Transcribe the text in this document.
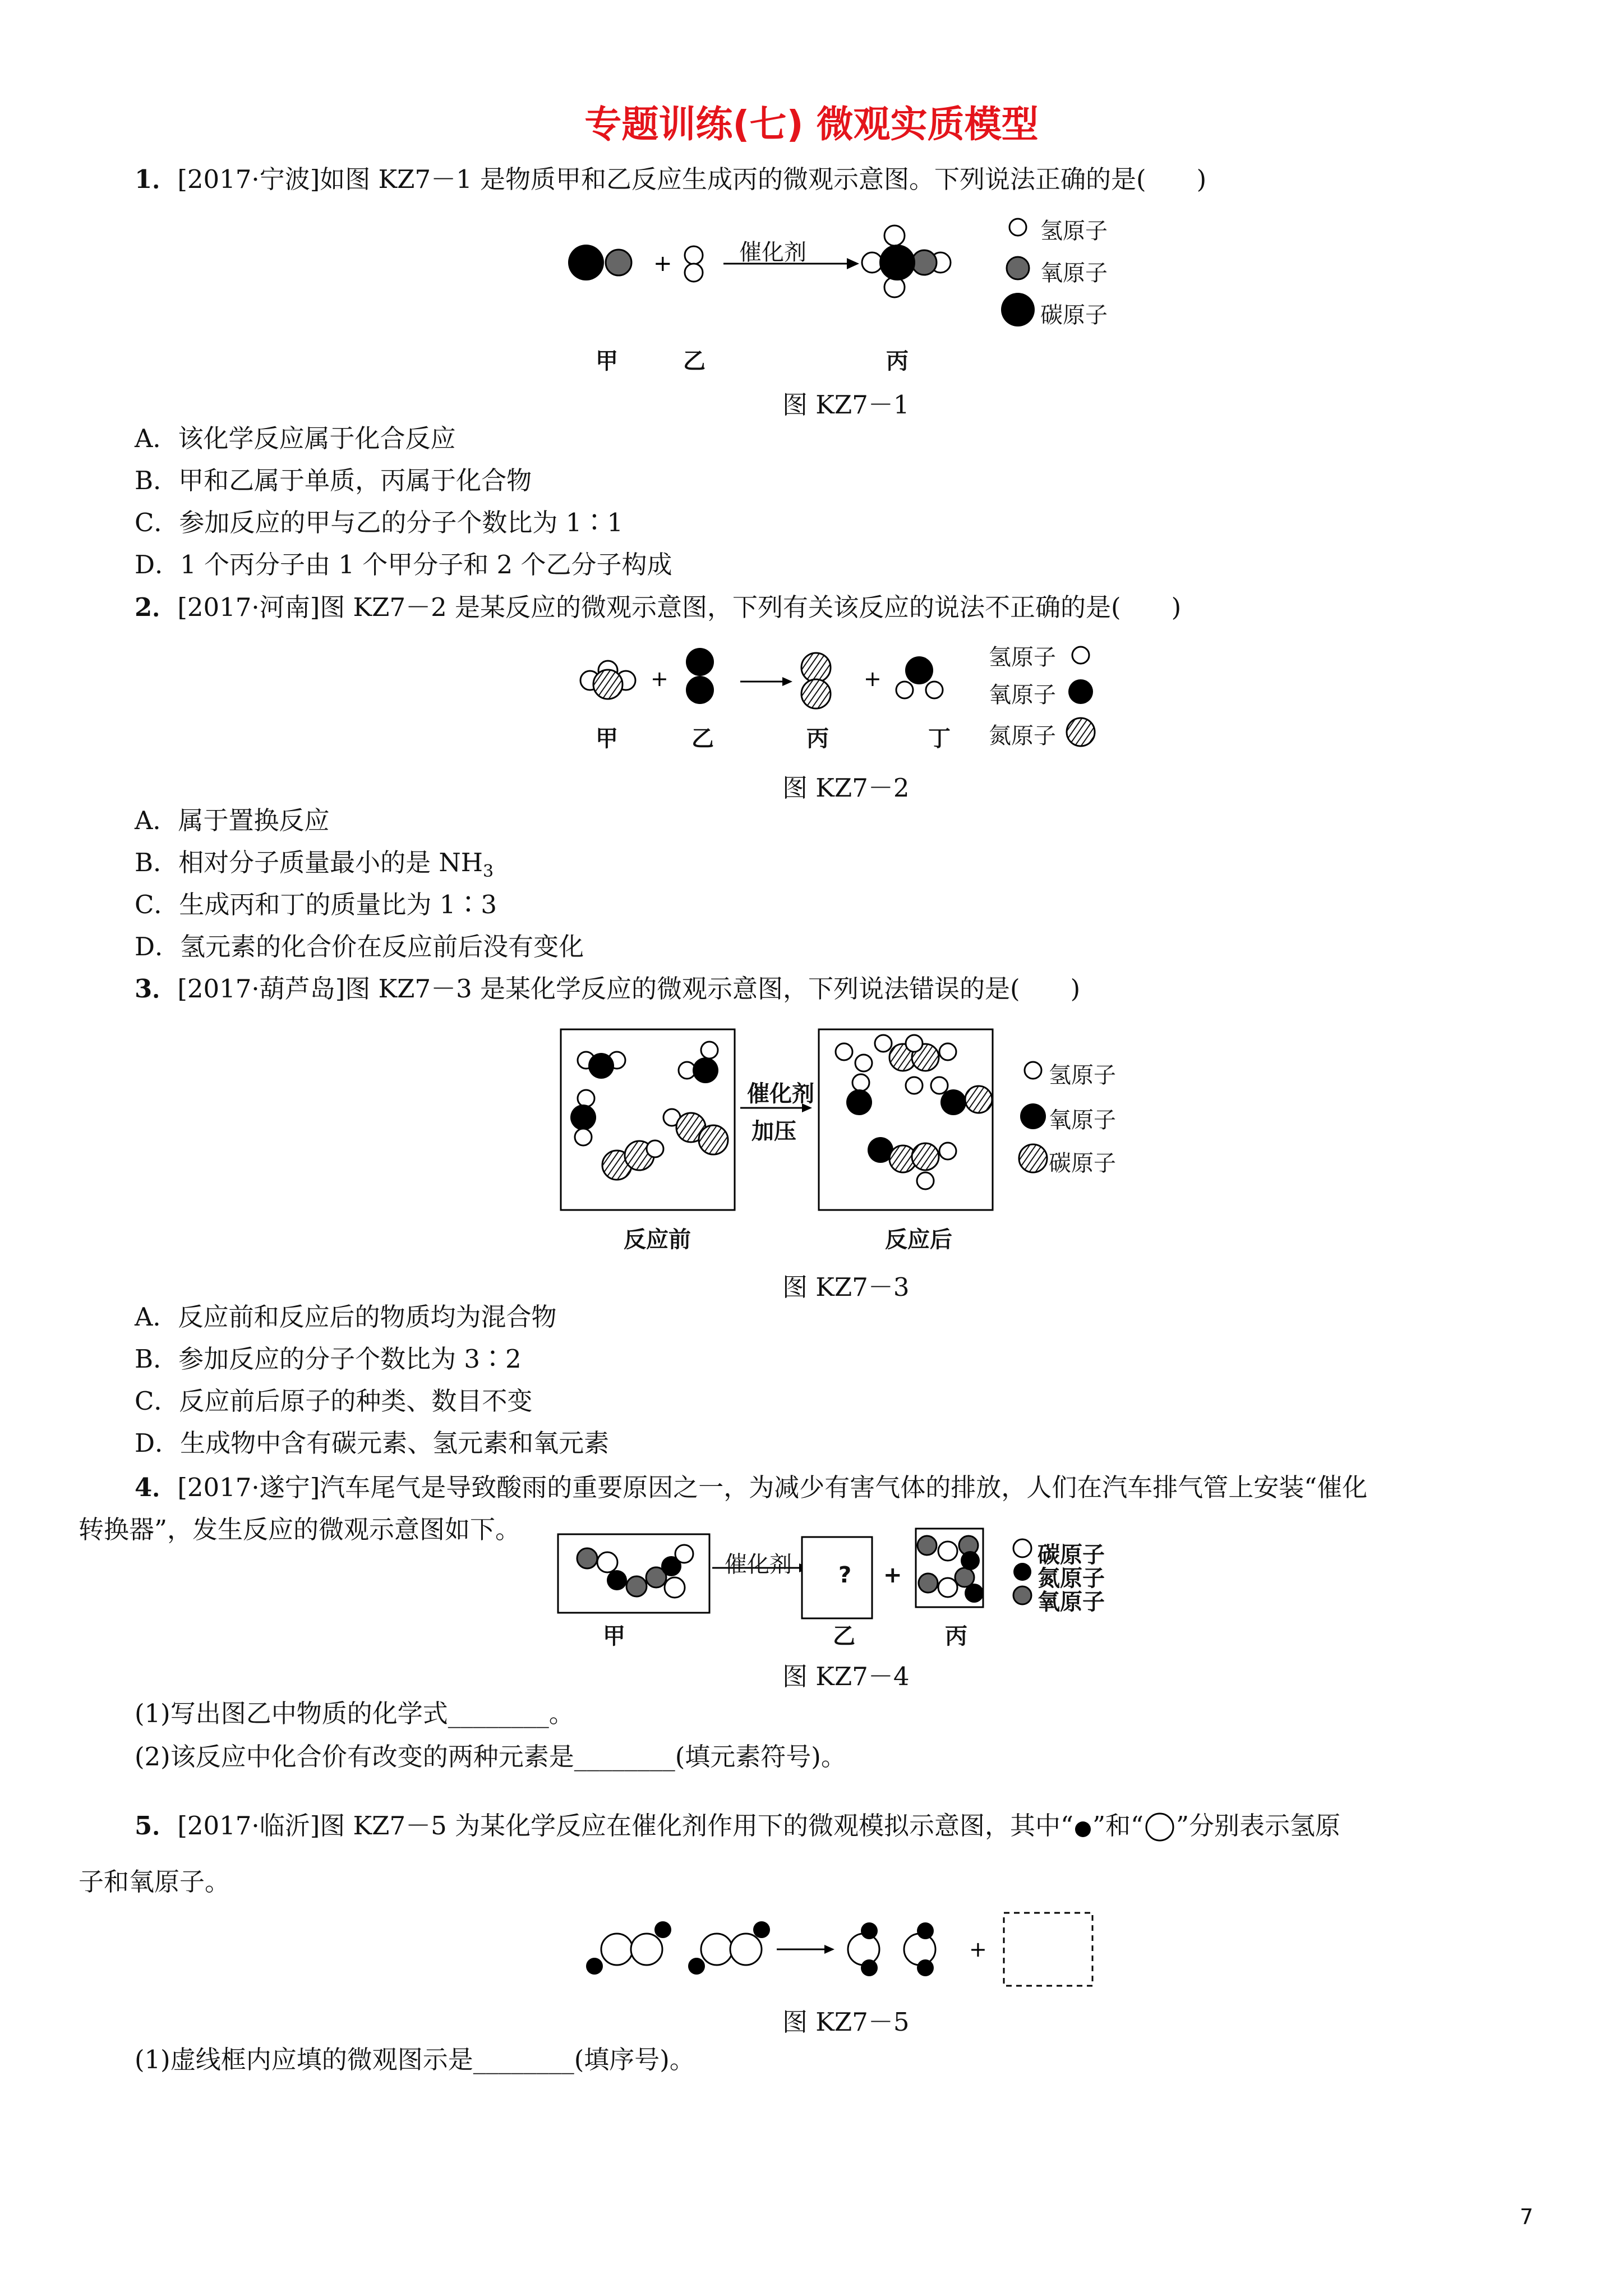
专题训练(七) 微观实质模型
1．[2017·宁波]如图 KZ7－1 是物质甲和乙反应生成丙的微观示意图。下列说法正确的是(　　)
+	催化剂
氢原子
氧原子
碳原子
甲	乙	丙
图 KZ7－1
A．该化学反应属于化合反应
B．甲和乙属于单质，丙属于化合物
C．参加反应的甲与乙的分子个数比为 1∶1
D．1 个丙分子由 1 个甲分子和 2 个乙分子构成
2．[2017·河南]图 KZ7－2 是某反应的微观示意图，下列有关该反应的说法不正确的是(　　)
+	+
氢原子
氧原子
氮原子
甲	乙	丙	丁
图 KZ7－2
A．属于置换反应
B．相对分子质量最小的是 $NH_3$
C．生成丙和丁的质量比为 1∶3
D．氢元素的化合价在反应前后没有变化
3．[2017·葫芦岛]图 KZ7－3 是某化学反应的微观示意图，下列说法错误的是(　　)
催化剂
加压
氢原子
氧原子
碳原子
反应前	反应后
图 KZ7－3
A．反应前和反应后的物质均为混合物
B．参加反应的分子个数比为 3∶2
C．反应前后原子的种类、数目不变
D．生成物中含有碳元素、氢元素和氧元素
4．[2017·遂宁]汽车尾气是导致酸雨的重要原因之一，为减少有害气体的排放，人们在汽车排气管上安装“催化
转换器”，发生反应的微观示意图如下。
催化剂 ? +
碳原子
氮原子
氧原子
甲	乙	丙
图 KZ7－4
(1)写出图乙中物质的化学式________。
(2)该反应中化合价有改变的两种元素是________(填元素符号)。
5．[2017·临沂]图 KZ7－5 为某化学反应在催化剂作用下的微观模拟示意图，其中“ ”和“ ”分别表示氢原
子和氧原子。
+
图 KZ7－5
(1)虚线框内应填的微观图示是________(填序号)。
7
